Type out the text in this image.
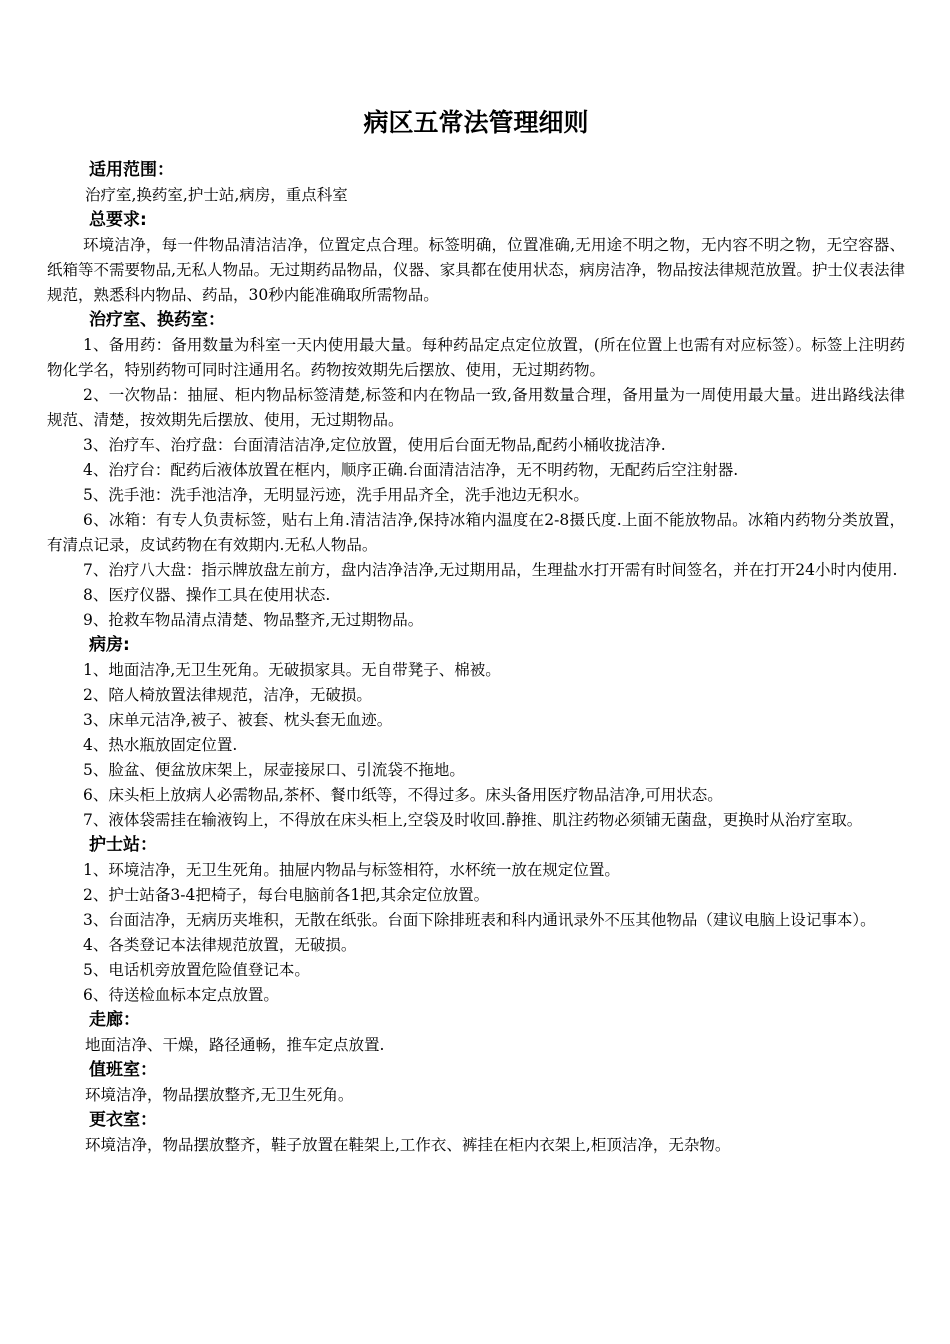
病区五常法管理细则
适用范围：
治疗室,换药室,护士站,病房，重点科室
总要求:
环境洁净，每一件物品清洁洁净，位置定点合理。标签明确，位置准确,无用途不明之物，无内容不明之物，无空容器、纸箱等不需要物品,无私人物品。无过期药品物品，仪器、家具都在使用状态，病房洁净，物品按法律规范放置。护士仪表法律规范，熟悉科内物品、药品，30秒内能准确取所需物品。
治疗室、换药室：
1、备用药：备用数量为科室一天内使用最大量。每种药品定点定位放置，(所在位置上也需有对应标签）。标签上注明药物化学名，特别药物可同时注通用名。药物按效期先后摆放、使用，无过期药物。
2、一次物品：抽屉、柜内物品标签清楚,标签和内在物品一致,备用数量合理，备用量为一周使用最大量。进出路线法律规范、清楚，按效期先后摆放、使用，无过期物品。
3、治疗车、治疗盘：台面清洁洁净,定位放置，使用后台面无物品,配药小桶收拢洁净.
4、治疗台：配药后液体放置在框内，顺序正确.台面清洁洁净，无不明药物，无配药后空注射器.
5、洗手池：洗手池洁净，无明显污迹，洗手用品齐全，洗手池边无积水。
6、冰箱：有专人负责标签，贴右上角.清洁洁净,保持冰箱内温度在2-8摄氏度.上面不能放物品。冰箱内药物分类放置，有清点记录，皮试药物在有效期内.无私人物品。
7、治疗八大盘：指示牌放盘左前方，盘内洁净洁净,无过期用品，生理盐水打开需有时间签名，并在打开24小时内使用.
8、医疗仪器、操作工具在使用状态.
9、抢救车物品清点清楚、物品整齐,无过期物品。
病房:
1、地面洁净,无卫生死角。无破损家具。无自带凳子、棉被。
2、陪人椅放置法律规范，洁净，无破损。
3、床单元洁净,被子、被套、枕头套无血迹。
4、热水瓶放固定位置.
5、脸盆、便盆放床架上，尿壶接尿口、引流袋不拖地。
6、床头柜上放病人必需物品,茶杯、餐巾纸等，不得过多。床头备用医疗物品洁净,可用状态。
7、液体袋需挂在输液钩上，不得放在床头柜上,空袋及时收回.静推、肌注药物必须铺无菌盘，更换时从治疗室取。
护士站：
1、环境洁净，无卫生死角。抽屉内物品与标签相符，水杯统一放在规定位置。
2、护士站备3-4把椅子，每台电脑前各1把,其余定位放置。
3、台面洁净，无病历夹堆积，无散在纸张。台面下除排班表和科内通讯录外不压其他物品（建议电脑上设记事本）。
4、各类登记本法律规范放置，无破损。
5、电话机旁放置危险值登记本。
6、待送检血标本定点放置。
走廊：
地面洁净、干燥，路径通畅，推车定点放置.
值班室：
环境洁净，物品摆放整齐,无卫生死角。
更衣室：
环境洁净，物品摆放整齐，鞋子放置在鞋架上,工作衣、裤挂在柜内衣架上,柜顶洁净，无杂物。
